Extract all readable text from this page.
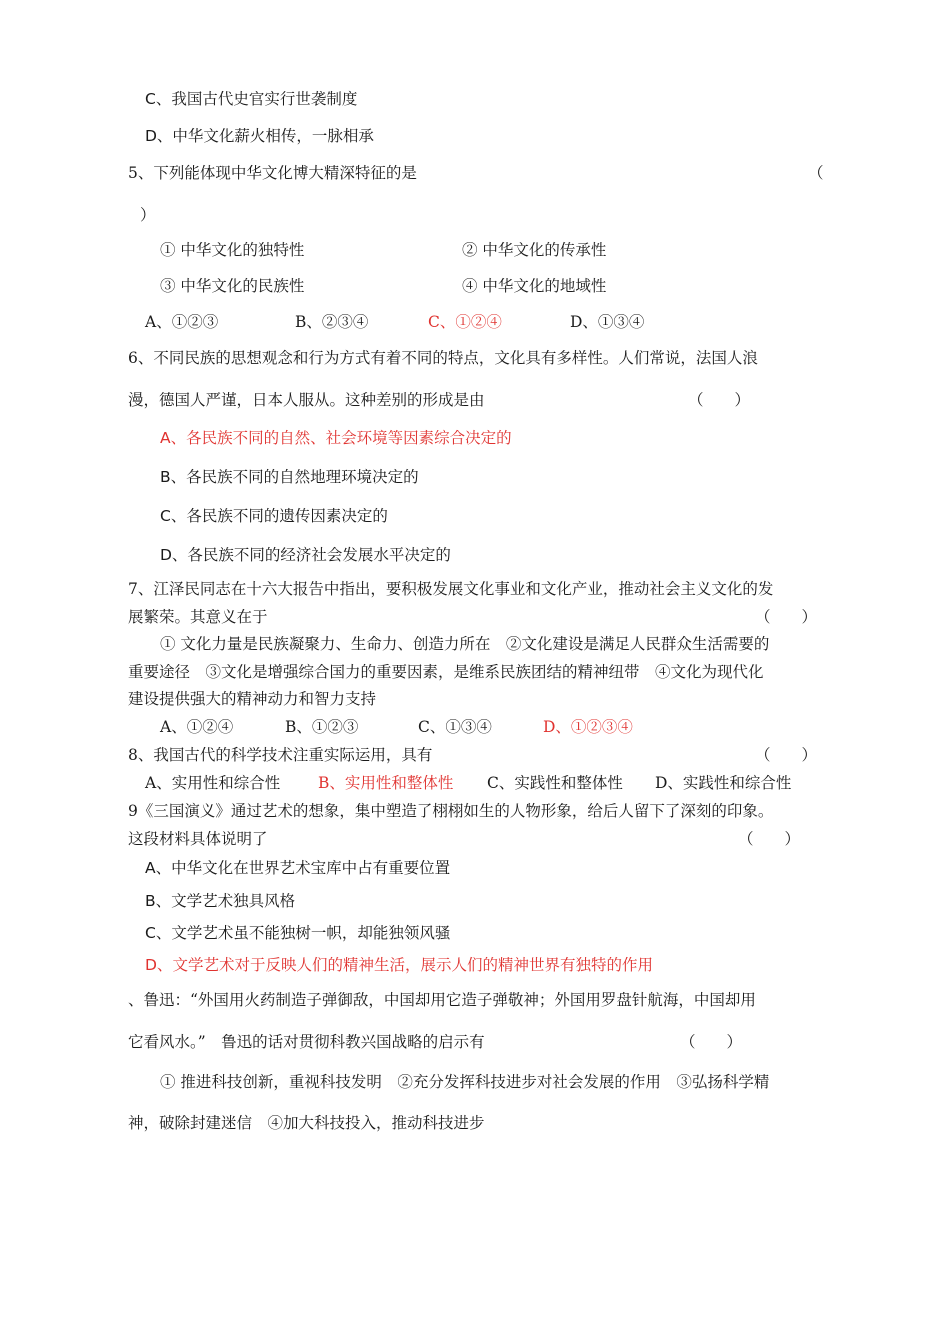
C、我国古代史官实行世袭制度
D、中华文化薪火相传，一脉相承
5、下列能体现中华文化博大精深特征的是	（
）
① 中华文化的独特性	② 中华文化的传承性
③ 中华文化的民族性	④ 中华文化的地域性
A、①②③	B、②③④	C、①②④	D、①③④
6、不同民族的思想观念和行为方式有着不同的特点，文化具有多样性。人们常说，法国人浪
漫，德国人严谨，日本人服从。这种差别的形成是由	（　　）
A、各民族不同的自然、社会环境等因素综合决定的
B、各民族不同的自然地理环境决定的
C、各民族不同的遗传因素决定的
D、各民族不同的经济社会发展水平决定的
7、江泽民同志在十六大报告中指出，要积极发展文化事业和文化产业，推动社会主义文化的发
展繁荣。其意义在于	（　　）
① 文化力量是民族凝聚力、生命力、创造力所在　②文化建设是满足人民群众生活需要的
重要途径　③文化是增强综合国力的重要因素，是维系民族团结的精神纽带　④文化为现代化
建设提供强大的精神动力和智力支持
A、①②④	B、①②③	C、①③④	D、①②③④
8、我国古代的科学技术注重实际运用，具有	（　　）
A、实用性和综合性 B、实用性和整体性 C、实践性和整体性 D、实践性和综合性
9《三国演义》通过艺术的想象，集中塑造了栩栩如生的人物形象，给后人留下了深刻的印象。
这段材料具体说明了	（　　）
A、中华文化在世界艺术宝库中占有重要位置
B、文学艺术独具风格
C、文学艺术虽不能独树一帜，却能独领风骚
D、文学艺术对于反映人们的精神生活，展示人们的精神世界有独特的作用
、鲁迅：“外国用火药制造子弹御敌，中国却用它造子弹敬神；外国用罗盘针航海，中国却用
它看风水。”　鲁迅的话对贯彻科教兴国战略的启示有	（　　）
① 推进科技创新，重视科技发明　②充分发挥科技进步对社会发展的作用　③弘扬科学精
神，破除封建迷信　④加大科技投入，推动科技进步
